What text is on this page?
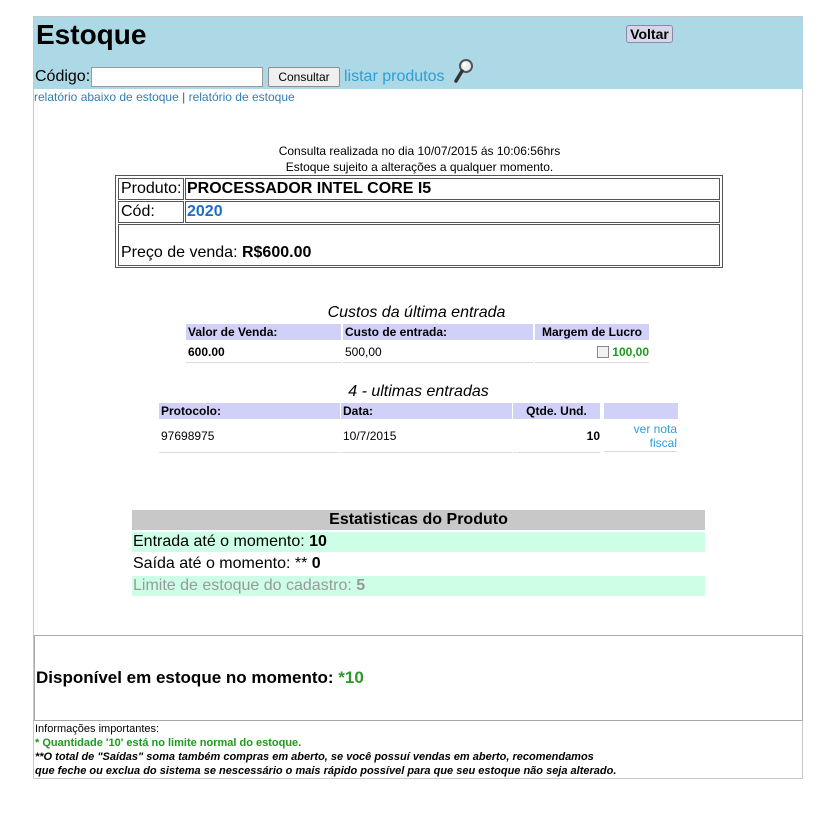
Estoque	Voltar
Código:	Consultar listar produtos
relatório abaixo de estoque | relatório de estoque
Consulta realizada no dia 10/07/2015 ás 10:06:56hrs
Estoque sujeito a alterações a qualquer momento.
Produto: PROCESSADOR INTEL CORE I5
Cód:	2020
Preço de venda: R$600.00
Custos da última entrada
Valor de Venda:	Custo de entrada:	Margem de Lucro
600.00	500,00	100,00
4 - ultimas entradas
Protocolo:	Data:	Qtde. Und.
97698975	10/7/2015	10	ver nota fiscal
Estatisticas do Produto
Entrada até o momento: 10
Saída até o momento: ** 0
Limite de estoque do cadastro: 5
Disponível em estoque no momento: *10
Informações importantes:
* Quantidade '10' está no limite normal do estoque.
**O total de "Saídas" soma também compras em aberto, se você possuí vendas em aberto, recomendamos
que feche ou exclua do sistema se nescessário o mais rápido possível para que seu estoque não seja alterado.
